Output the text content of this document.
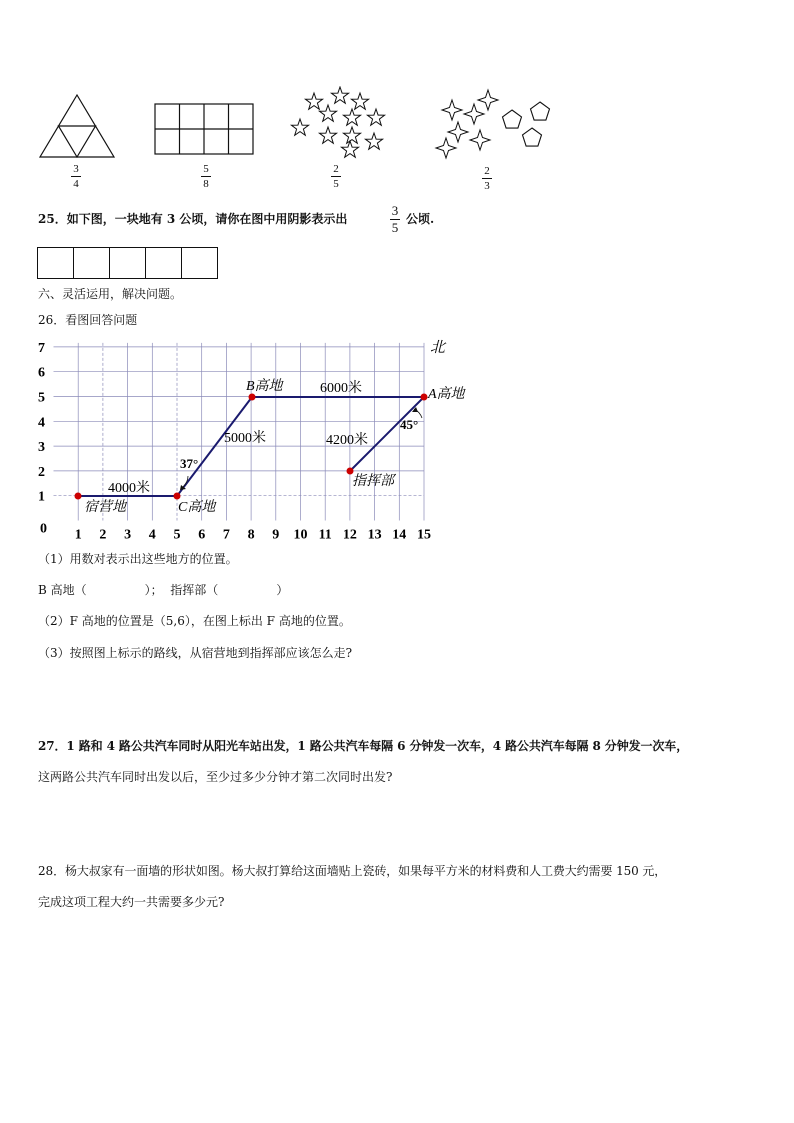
3
4
5
8
2
5
2
3
25．如下图，一块地有 3 公顷，请你在图中用阴影表示出
3
5
公顷.
六、灵活运用，解决问题。
26．看图回答问题
1 2 3 4 5 6 7 8 9 10 11 12 13 14 15
1
2
3
4
5
6
7
0
北
B高地
A高地
C高地
宿营地
指挥部
6000米
5000米
4000米
4200米
37°
45°
（1）用数对表示出这些地方的位置。
B 高地（	）； 指挥部（	）
（2）F 高地的位置是（5,6），在图上标出 F 高地的位置。
（3）按照图上标示的路线，从宿营地到指挥部应该怎么走?
27．1 路和 4 路公共汽车同时从阳光车站出发，1 路公共汽车每隔 6 分钟发一次车，4 路公共汽车每隔 8 分钟发一次车，
这两路公共汽车同时出发以后，至少过多少分钟才第二次同时出发?
28．杨大叔家有一面墙的形状如图。杨大叔打算给这面墙贴上瓷砖，如果每平方米的材料费和人工费大约需要 150 元，
完成这项工程大约一共需要多少元?
